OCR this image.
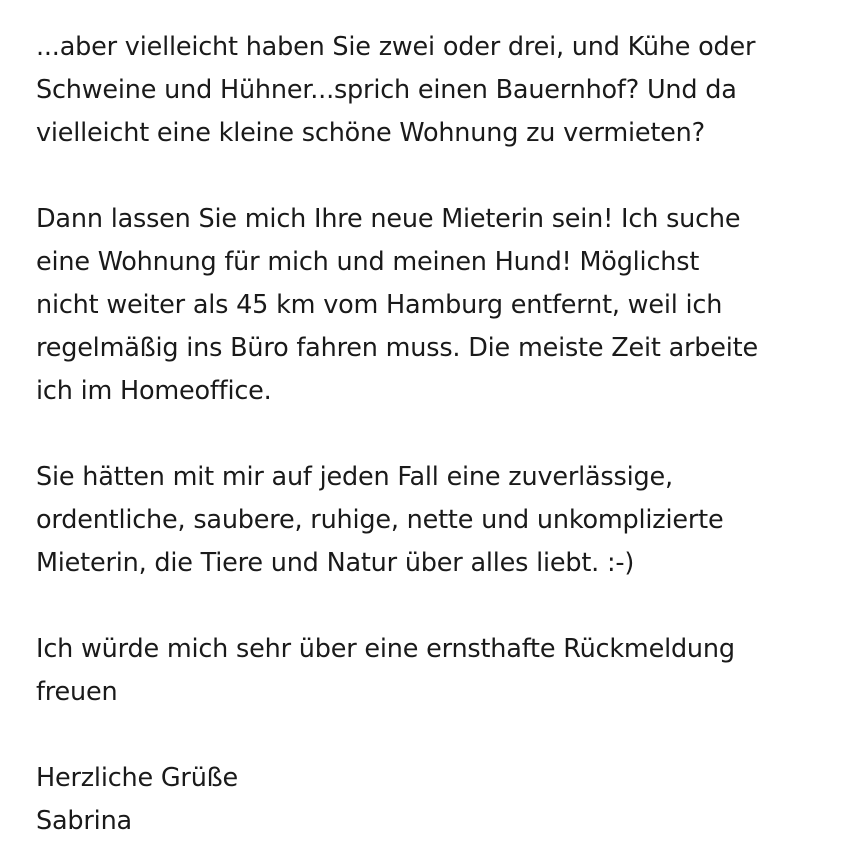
...aber vielleicht haben Sie zwei oder drei, und Kühe oder
Schweine und Hühner...sprich einen Bauernhof? Und da
vielleicht eine kleine schöne Wohnung zu vermieten?

Dann lassen Sie mich Ihre neue Mieterin sein! Ich suche
eine Wohnung für mich und meinen Hund! Möglichst
nicht weiter als 45 km vom Hamburg entfernt, weil ich
regelmäßig ins Büro fahren muss. Die meiste Zeit arbeite
ich im Homeoffice.

Sie hätten mit mir auf jeden Fall eine zuverlässige,
ordentliche, saubere, ruhige, nette und unkomplizierte
Mieterin, die Tiere und Natur über alles liebt. :-)

Ich würde mich sehr über eine ernsthafte Rückmeldung
freuen

Herzliche Grüße
Sabrina
